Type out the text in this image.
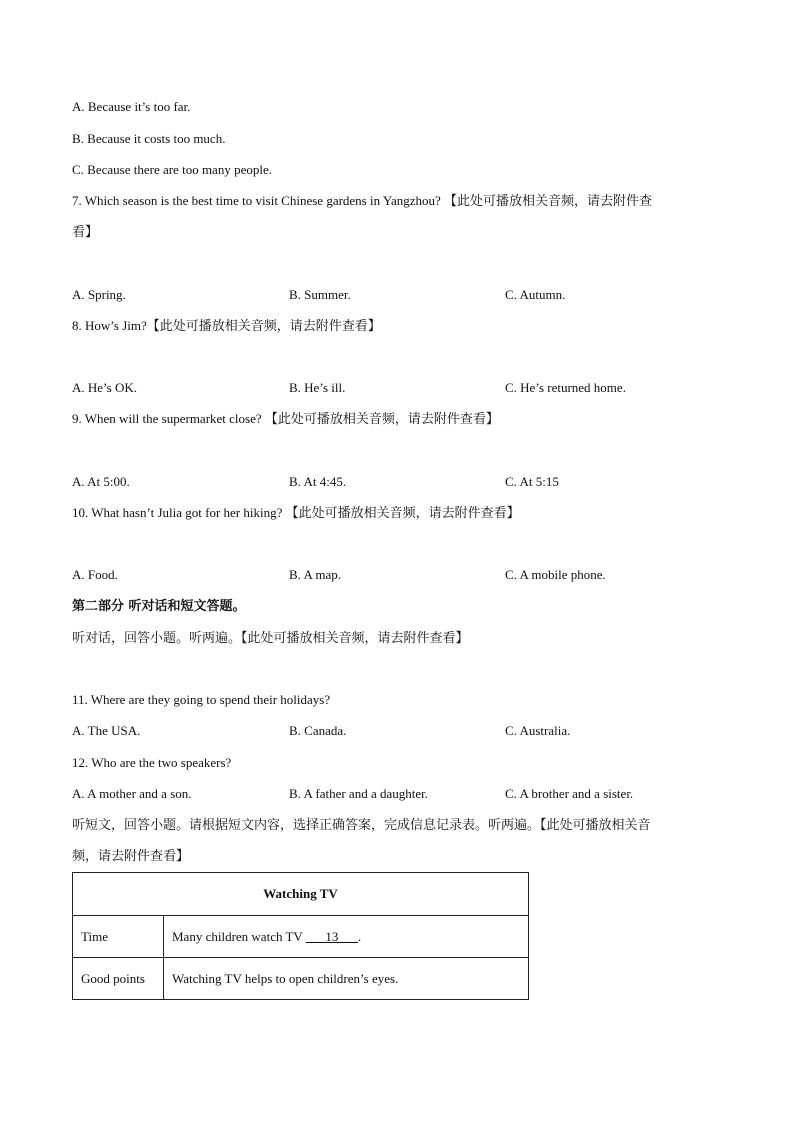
A. Because it’s too far.
B. Because it costs too much.
C. Because there are too many people.
7. Which season is the best time to visit Chinese gardens in Yangzhou? 【此处可播放相关音频，请去附件查
看】
A. Spring.	B. Summer.	C. Autumn.
8. How’s Jim?【此处可播放相关音频，请去附件查看】
A. He’s OK.	B. He’s ill.	C. He’s returned home.
9. When will the supermarket close? 【此处可播放相关音频，请去附件查看】
A. At 5:00.	B. At 4:45.	C. At 5:15
10. What hasn’t Julia got for her hiking? 【此处可播放相关音频，请去附件查看】
A. Food.	B. A map.	C. A mobile phone.
第二部分 听对话和短文答题。
听对话，回答小题。听两遍。【此处可播放相关音频，请去附件查看】
11. Where are they going to spend their holidays?
A. The USA.	B. Canada.	C. Australia.
12. Who are the two speakers?
A. A mother and a son.	B. A father and a daughter.	C. A brother and a sister.
听短文，回答小题。请根据短文内容，选择正确答案，完成信息记录表。听两遍。【此处可播放相关音
频，请去附件查看】
Watching TV	
Time	Many children watch TV ___13___.
Good points	Watching TV helps to open children’s eyes.
